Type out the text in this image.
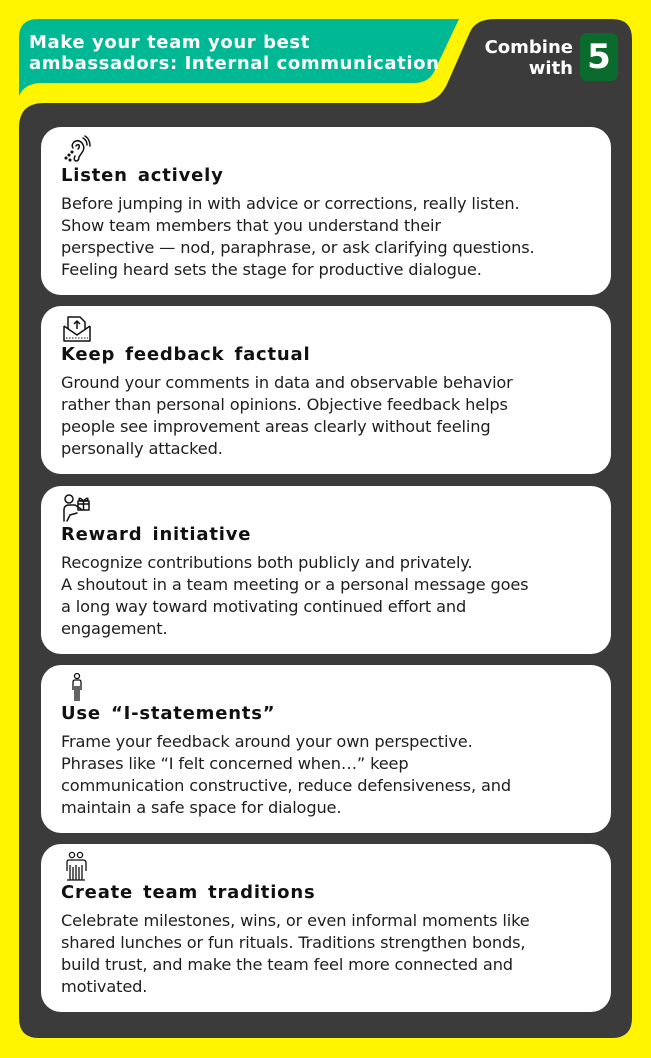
Make your team your best
ambassadors: Internal communication
Combine
with 5
Listen actively
Before jumping in with advice or corrections, really listen.
Show team members that you understand their
perspective — nod, paraphrase, or ask clarifying questions.
Feeling heard sets the stage for productive dialogue.
Keep feedback factual
Ground your comments in data and observable behavior
rather than personal opinions. Objective feedback helps
people see improvement areas clearly without feeling
personally attacked.
Reward initiative
Recognize contributions both publicly and privately.
A shoutout in a team meeting or a personal message goes
a long way toward motivating continued effort and
engagement.
Use “I-statements”
Frame your feedback around your own perspective.
Phrases like “I felt concerned when…” keep
communication constructive, reduce defensiveness, and
maintain a safe space for dialogue.
Create team traditions
Celebrate milestones, wins, or even informal moments like
shared lunches or fun rituals. Traditions strengthen bonds,
build trust, and make the team feel more connected and
motivated.
